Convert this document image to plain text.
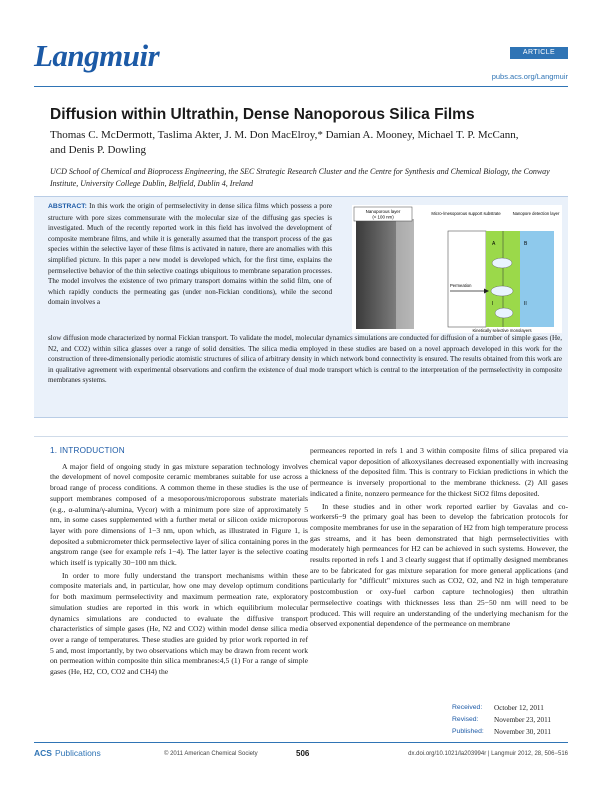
Langmuir	ARTICLE
pubs.acs.org/Langmuir
Diffusion within Ultrathin, Dense Nanoporous Silica Films
Thomas C. McDermott, Taslima Akter, J. M. Don MacElroy,* Damian A. Mooney, Michael T. P. McCann,
and Denis P. Dowling
UCD School of Chemical and Bioprocess Engineering, the SEC Strategic Research Cluster and the Centre for Synthesis and Chemical Biology, the Conway Institute, University College Dublin, Belfield, Dublin 4, Ireland
ABSTRACT: In this work the origin of permselectivity in dense silica films which possess a pore structure with pore sizes commensurate with the molecular size of the diffusing gas species is investigated. Much of the recently reported work in this field has involved the development of composite membrane films, and while it is generally assumed that the transport process of the gas species within the selective layer of these films is activated in nature, there are anomalies with this simplified picture. In this paper a new model is developed which, for the first time, explains the permselective behavior of the thin selective coatings ubiquitous to membrane separation processes. The model involves the existence of two primary transport domains within the solid film, one of which rapidly conducts the permeating gas (under non-Fickian conditions), while the second domain involves a
Nanoporous layer
(< 100 nm)
Micro-/mesoporous support substrate	Nanopore detection layer
A	B
Permeation
I	II
Kinetically selective monolayers
slow diffusion mode characterized by normal Fickian transport. To validate the model, molecular dynamics simulations are conducted for diffusion of a number of simple gases (He, N2, and CO2) within silica glasses over a range of solid densities. The silica media employed in these studies are based on a novel approach developed in this work for the construction of three-dimensionally periodic atomistic structures of silica of arbitrary density in which network bond connectivity is ensured. The results obtained from this work are in qualitative agreement with experimental observations and confirm the existence of dual mode transport which is central to the interpretation of the permselectivity in composite membranes systems.
1. INTRODUCTION

A major field of ongoing study in gas mixture separation technology involves the development of novel composite ceramic membranes suitable for use across a broad range of process conditions. A common theme in these studies is the use of support membranes composed of a mesoporous/microporous substrate materials (e.g., α-alumina/γ-alumina, Vycor) with a minimum pore size of approximately 5 nm, in some cases supplemented with a further metal or silicon oxide microporous layer with pore dimensions of 1−3 nm, upon which, as illustrated in Figure 1, is deposited a submicrometer thick permselective layer of silica containing pores in the angstrom range (see for example refs 1−4). The latter layer is the selective coating which itself is typically 30−100 nm thick.

In order to more fully understand the transport mechanisms within these composite materials and, in particular, how one may develop optimum conditions for both maximum permselectivity and maximum permeation rate, exploratory simulation studies are reported in this work in which equilibrium molecular dynamics simulations are conducted to evaluate the diffusive transport characteristics of simple gases (He, N2 and CO2) within model dense silica media over a range of temperatures. These studies are guided by prior work reported in ref 5 and, most importantly, by two observations which may be drawn from recent work on permeation within composite thin silica membranes:4,5 (1) For a range of simple gases (He, H2, CO, CO2 and CH4) the

permeances reported in refs 1 and 3 within composite films of silica prepared via chemical vapor deposition of alkoxysilanes decreased exponentially with increasing thickness of the deposited film. This is contrary to Fickian predictions in which the permeance is inversely proportional to the membrane thickness. (2) All gases indicated a finite, nonzero permeance for the thickest SiO2 films deposited.

In these studies and in other work reported earlier by Gavalas and co-workers6−9 the primary goal has been to develop the fabrication protocols for composite membranes for use in the separation of H2 from high temperature process gas streams, and it has been demonstrated that high permselectivities with moderately high permeances for H2 can be achieved in such systems. However, the results reported in refs 1 and 3 clearly suggest that if optimally designed membranes are to be fabricated for gas mixture separation for more general applications (and particularly for "difficult" mixtures such as CO2, O2, and N2 in high temperature postcombustion or oxy-fuel carbon capture technologies) then ultrathin permselective coatings with thicknesses less than 25−50 nm will need to be produced. This will require an understanding of the underlying mechanism for the observed exponential dependence of the permeance on membrane

Received:	October 12, 2011
Revised:	November 23, 2011
Published:	November 30, 2011
ACS Publications	© 2011 American Chemical Society	506	dx.doi.org/10.1021/la203994r | Langmuir 2012, 28, 506−516
